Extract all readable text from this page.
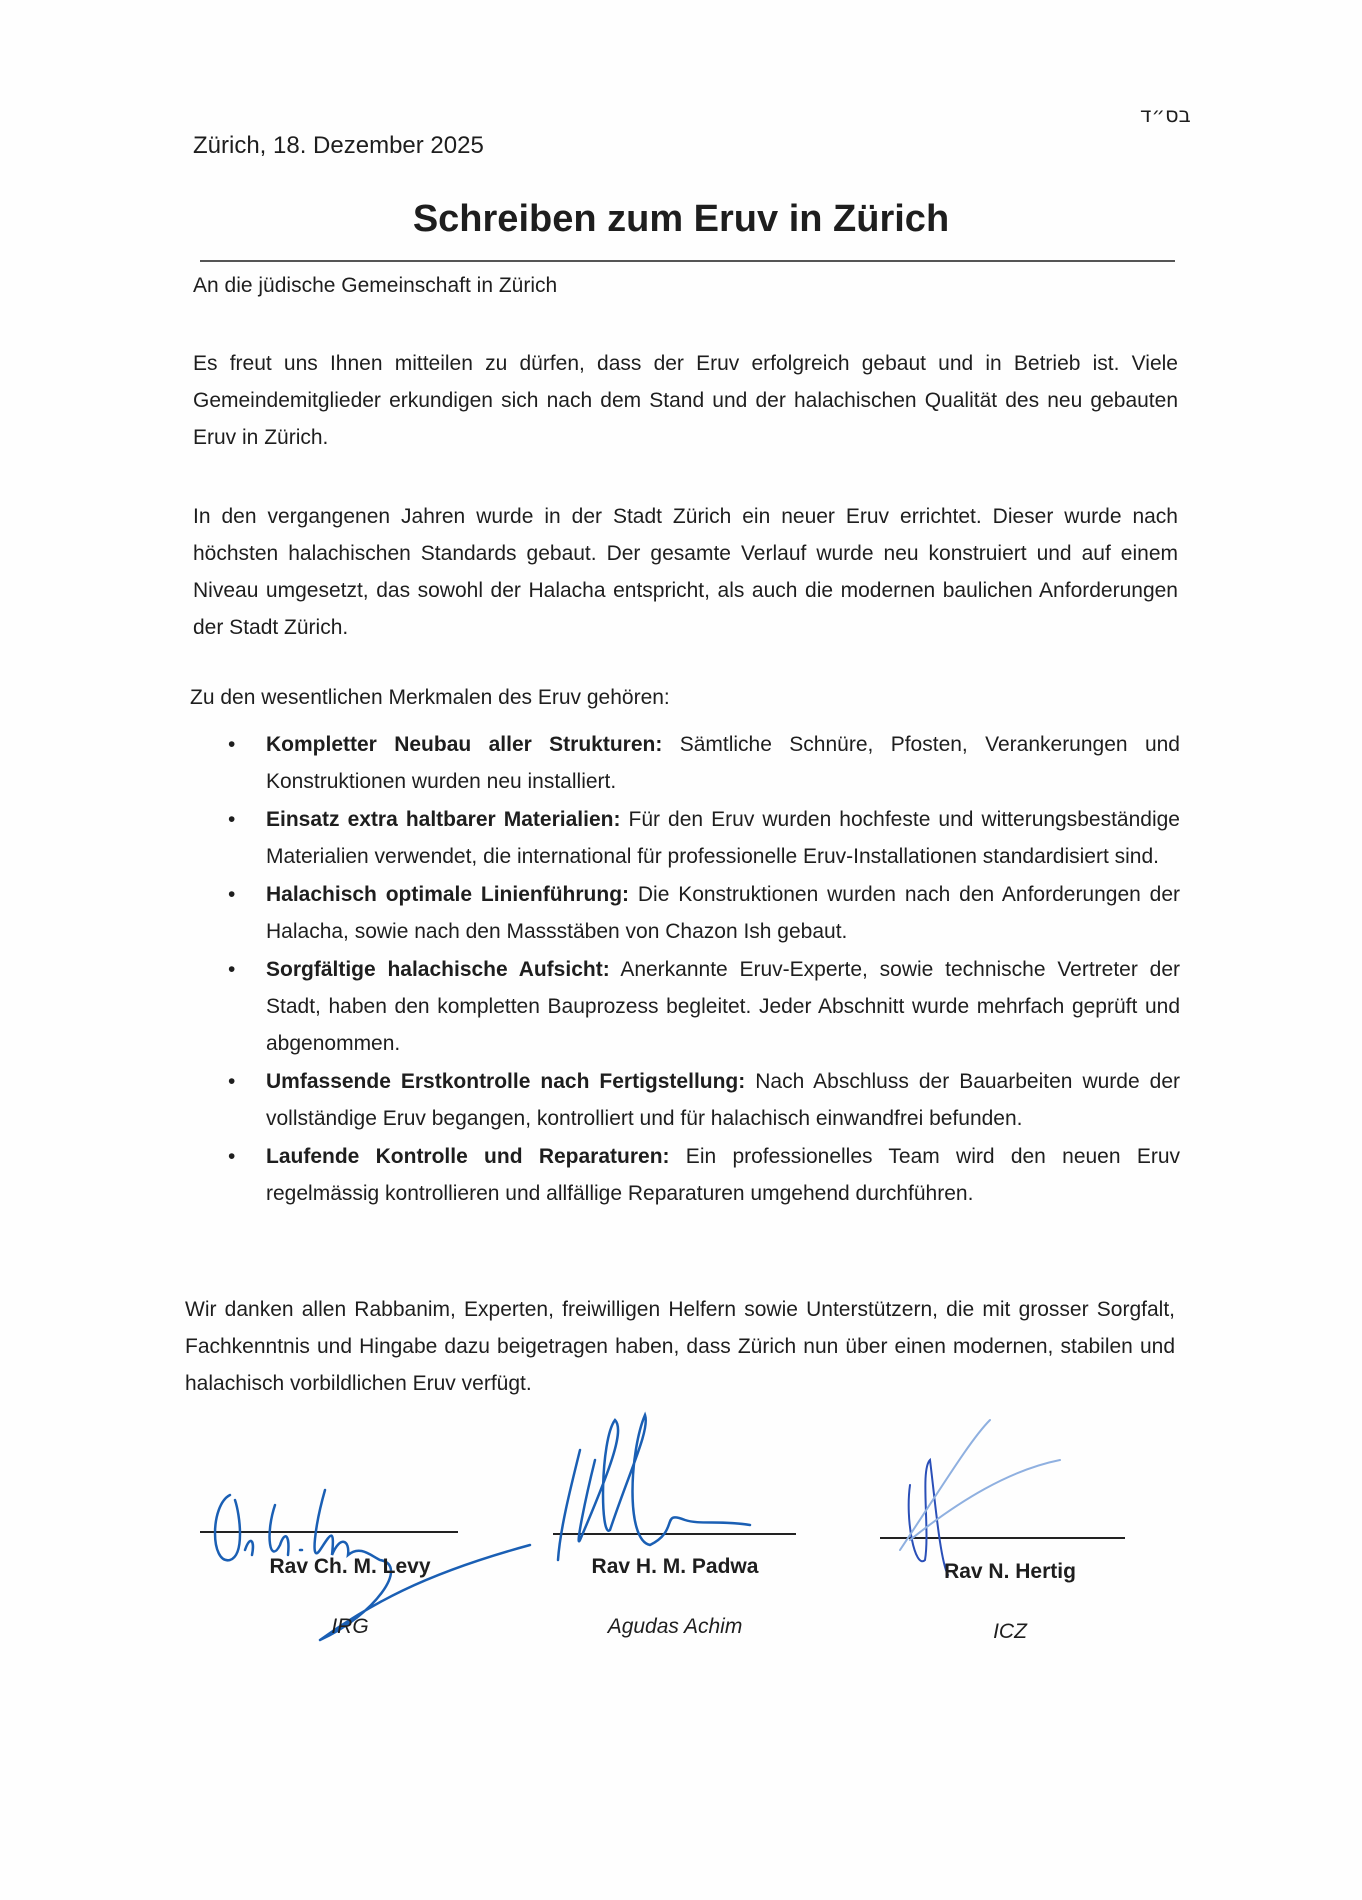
בס״ד
Zürich, 18. Dezember 2025
Schreiben zum Eruv in Zürich
An die jüdische Gemeinschaft in Zürich
Es freut uns Ihnen mitteilen zu dürfen, dass der Eruv erfolgreich gebaut und in Betrieb ist. Viele Gemeindemitglieder erkundigen sich nach dem Stand und der halachischen Qualität des neu gebauten Eruv in Zürich.
In den vergangenen Jahren wurde in der Stadt Zürich ein neuer Eruv errichtet. Dieser wurde nach höchsten halachischen Standards gebaut. Der gesamte Verlauf wurde neu konstruiert und auf einem Niveau umgesetzt, das sowohl der Halacha entspricht, als auch die modernen baulichen Anforderungen der Stadt Zürich.
Zu den wesentlichen Merkmalen des Eruv gehören:
• Kompletter Neubau aller Strukturen: Sämtliche Schnüre, Pfosten, Verankerungen und Konstruktionen wurden neu installiert.
• Einsatz extra haltbarer Materialien: Für den Eruv wurden hochfeste und witterungsbeständige Materialien verwendet, die international für professionelle Eruv-Installationen standardisiert sind.
• Halachisch optimale Linienführung: Die Konstruktionen wurden nach den Anforderungen der Halacha, sowie nach den Massstäben von Chazon Ish gebaut.
• Sorgfältige halachische Aufsicht: Anerkannte Eruv-Experte, sowie technische Vertreter der Stadt, haben den kompletten Bauprozess begleitet. Jeder Abschnitt wurde mehrfach geprüft und abgenommen.
• Umfassende Erstkontrolle nach Fertigstellung: Nach Abschluss der Bauarbeiten wurde der vollständige Eruv begangen, kontrolliert und für halachisch einwandfrei befunden.
• Laufende Kontrolle und Reparaturen: Ein professionelles Team wird den neuen Eruv regelmässig kontrollieren und allfällige Reparaturen umgehend durchführen.
Wir danken allen Rabbanim, Experten, freiwilligen Helfern sowie Unterstützern, die mit grosser Sorgfalt, Fachkenntnis und Hingabe dazu beigetragen haben, dass Zürich nun über einen modernen, stabilen und halachisch vorbildlichen Eruv verfügt.
Rav Ch. M. Levy
IRG
Rav H. M. Padwa
Agudas Achim
Rav N. Hertig
ICZ
